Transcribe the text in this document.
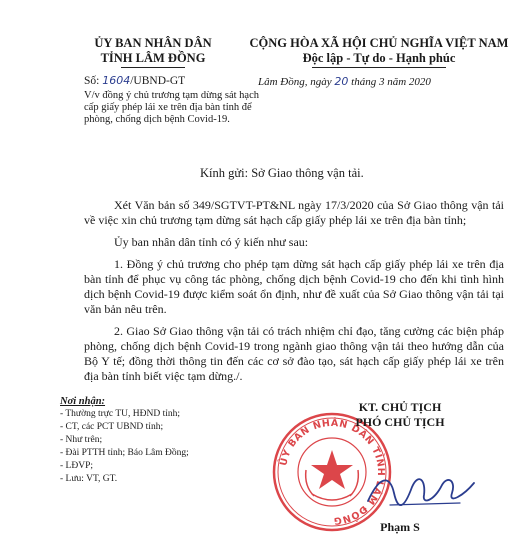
ỦY BAN NHÂN DÂN
TỈNH LÂM ĐỒNG
CỘNG HÒA XÃ HỘI CHỦ NGHĨA VIỆT NAM
Độc lập - Tự do - Hạnh phúc
Số: 1604/UBND-GT	Lâm Đồng, ngày 20 tháng 3 năm 2020
V/v đồng ý chủ trương tạm dừng sát hạch cấp giấy phép lái xe trên địa bàn tỉnh để phòng, chống dịch bệnh Covid-19.
Kính gửi: Sở Giao thông vận tải.

Xét Văn bản số 349/SGTVT-PT&NL ngày 17/3/2020 của Sở Giao thông vận tải về việc xin chủ trương tạm dừng sát hạch cấp giấy phép lái xe trên địa bàn tỉnh;

Ủy ban nhân dân tỉnh có ý kiến như sau:

1. Đồng ý chủ trương cho phép tạm dừng sát hạch cấp giấy phép lái xe trên địa bàn tỉnh để phục vụ công tác phòng, chống dịch bệnh Covid-19 cho đến khi tình hình dịch bệnh Covid-19 được kiểm soát ổn định, như đề xuất của Sở Giao thông vận tải tại văn bản nêu trên.

2. Giao Sở Giao thông vận tải có trách nhiệm chỉ đạo, tăng cường các biện pháp phòng, chống dịch bệnh Covid-19 trong ngành giao thông vận tải theo hướng dẫn của Bộ Y tế; đồng thời thông tin đến các cơ sở đào tạo, sát hạch cấp giấy phép lái xe trên địa bàn tỉnh biết việc tạm dừng./.

Nơi nhận:
- Thường trực TU, HĐND tỉnh;
- CT, các PCT UBND tỉnh;
- Như trên;
- Đài PTTH tỉnh; Báo Lâm Đồng;
- LĐVP;
- Lưu: VT, GT.
ỦY BAN NHÂN DÂN TỈNH LÂM ĐỒNG
KT. CHỦ TỊCH
PHÓ CHỦ TỊCH
Phạm S
